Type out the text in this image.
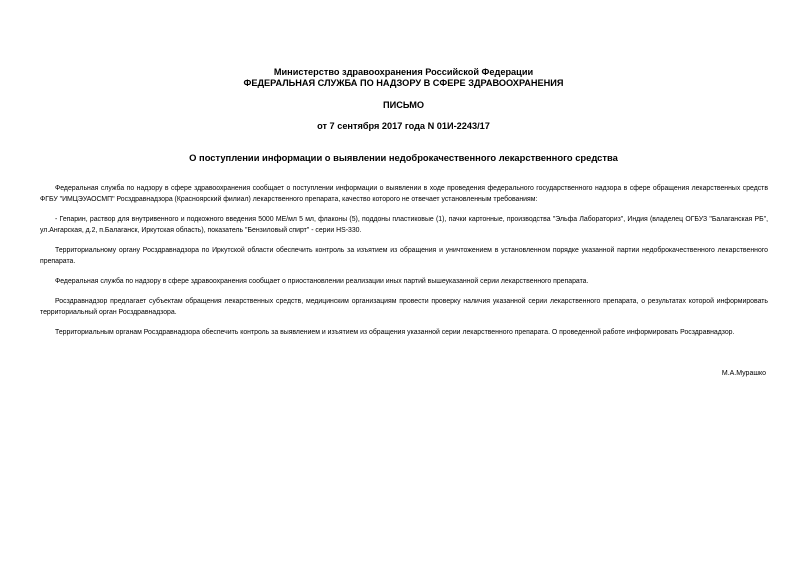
Министерство здравоохранения Российской Федерации
ФЕДЕРАЛЬНАЯ СЛУЖБА ПО НАДЗОРУ В СФЕРЕ ЗДРАВООХРАНЕНИЯ
ПИСЬМО
от 7 сентября 2017 года N 01И-2243/17
О поступлении информации о выявлении недоброкачественного лекарственного средства
Федеральная служба по надзору в сфере здравоохранения сообщает о поступлении информации о выявлении в ходе проведения федерального государственного надзора в сфере обращения лекарственных средств ФГБУ "ИМЦЭУАОСМП" Росздравнадзора (Красноярский филиал) лекарственного препарата, качество которого не отвечает установленным требованиям:
- Гепарин, раствор для внутривенного и подкожного введения 5000 МЕ/мл 5 мл, флаконы (5), поддоны пластиковые (1), пачки картонные, производства "Эльфа Лабораториз", Индия (владелец ОГБУЗ "Балаганская РБ", ул.Ангарская, д.2, п.Балаганск, Иркутская область), показатель "Бензиловый спирт" - серии HS-330.
Территориальному органу Росздравнадзора по Иркутской области обеспечить контроль за изъятием из обращения и уничтожением в установленном порядке указанной партии недоброкачественного лекарственного препарата.
Федеральная служба по надзору в сфере здравоохранения сообщает о приостановлении реализации иных партий вышеуказанной серии лекарственного препарата.
Росздравнадзор предлагает субъектам обращения лекарственных средств, медицинским организациям провести проверку наличия указанной серии лекарственного препарата, о результатах которой информировать территориальный орган Росздравнадзора.
Территориальным органам Росздравнадзора обеспечить контроль за выявлением и изъятием из обращения указанной серии лекарственного препарата. О проведенной работе информировать Росздравнадзор.
М.А.Мурашко
